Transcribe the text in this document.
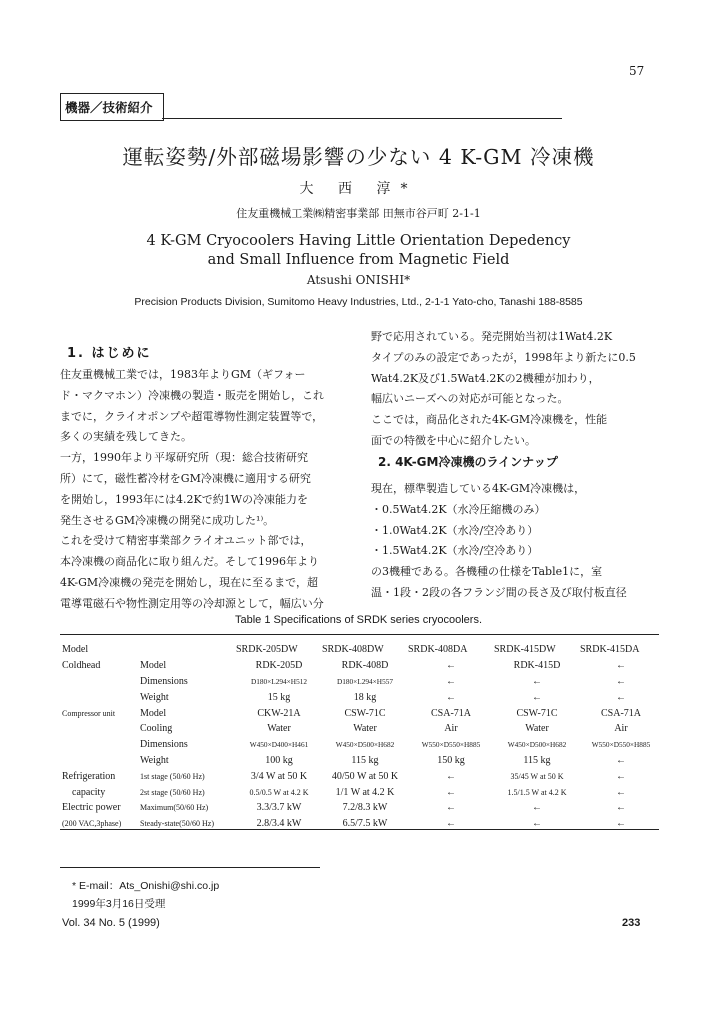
57
機器／技術紹介
運転姿勢/外部磁場影響の少ない 4 K-GM 冷凍機
大 西 淳*
住友重機械工業㈱精密事業部 田無市谷戸町 2-1-1
4 K-GM Cryocoolers Having Little Orientation Depedency
and Small Influence from Magnetic Field
Atsushi ONISHI*
Precision Products Division, Sumitomo Heavy Industries, Ltd., 2-1-1 Yato-cho, Tanashi 188-8585
1. はじめに

住友重機械工業では，1983年よりGM（ギフォー

ド・マクマホン）冷凍機の製造・販売を開始し，これ

までに，クライオポンプや超電導物性測定装置等で，

多くの実績を残してきた。

一方，1990年より平塚研究所（現：総合技術研究

所）にて，磁性蓄冷材をGM冷凍機に適用する研究

を開始し，1993年には4.2Kで約1Wの冷凍能力を

発生させるGM冷凍機の開発に成功した¹⁾。

これを受けて精密事業部クライオユニット部では，

本冷凍機の商品化に取り組んだ。そして1996年より

4K-GM冷凍機の発売を開始し，現在に至るまで，超

電導電磁石や物性測定用等の冷却源として，幅広い分

野で応用されている。発売開始当初は1Wat4.2K

タイプのみの設定であったが，1998年より新たに0.5

Wat4.2K及び1.5Wat4.2Kの2機種が加わり，

幅広いニーズへの対応が可能となった。

ここでは，商品化された4K-GM冷凍機を，性能

面での特徴を中心に紹介したい。

2. 4K-GM冷凍機のラインナップ

現在，標準製造している4K-GM冷凍機は，

・0.5Wat4.2K（水冷圧縮機のみ）

・1.0Wat4.2K（水冷/空冷あり）

・1.5Wat4.2K（水冷/空冷あり）

の3機種である。各機種の仕様をTable1に，室

温・1段・2段の各フランジ間の長さ及び取付板直径

Table 1 Specifications of SRDK series cryocoolers.
Model		SRDK-205DW	SRDK-408DW	SRDK-408DA	SRDK-415DW	SRDK-415DA
Coldhead	Model	RDK-205D	RDK-408D	←	RDK-415D	←
	Dimensions	D180×L294×H512	D180×L294×H557	←	←	←
	Weight	15 kg	18 kg	←	←	←
Compressor unit	Model	CKW-21A	CSW-71C	CSA-71A	CSW-71C	CSA-71A
	Cooling	Water	Water	Air	Water	Air
	Dimensions	W450×D400×H461	W450×D500×H682	W550×D550×H885	W450×D500×H682	W550×D550×H885
	Weight	100 kg	115 kg	150 kg	115 kg	←
Refrigeration	1st stage (50/60 Hz)	3/4 W at 50 K	40/50 W at 50 K	←	35/45 W at 50 K	←
capacity	2st stage (50/60 Hz)	0.5/0.5 W at 4.2 K	1/1 W at 4.2 K	←	1.5/1.5 W at 4.2 K	←
Electric power	Maximum(50/60 Hz)	3.3/3.7 kW	7.2/8.3 kW	←	←	←
(200 VAC,3phase)	Steady-state(50/60 Hz)	2.8/3.4 kW	6.5/7.5 kW	←	←	←

* E-mail：Ats_Onishi@shi.co.jp

1999年3月16日受理

Vol. 34 No. 5 (1999)	233
